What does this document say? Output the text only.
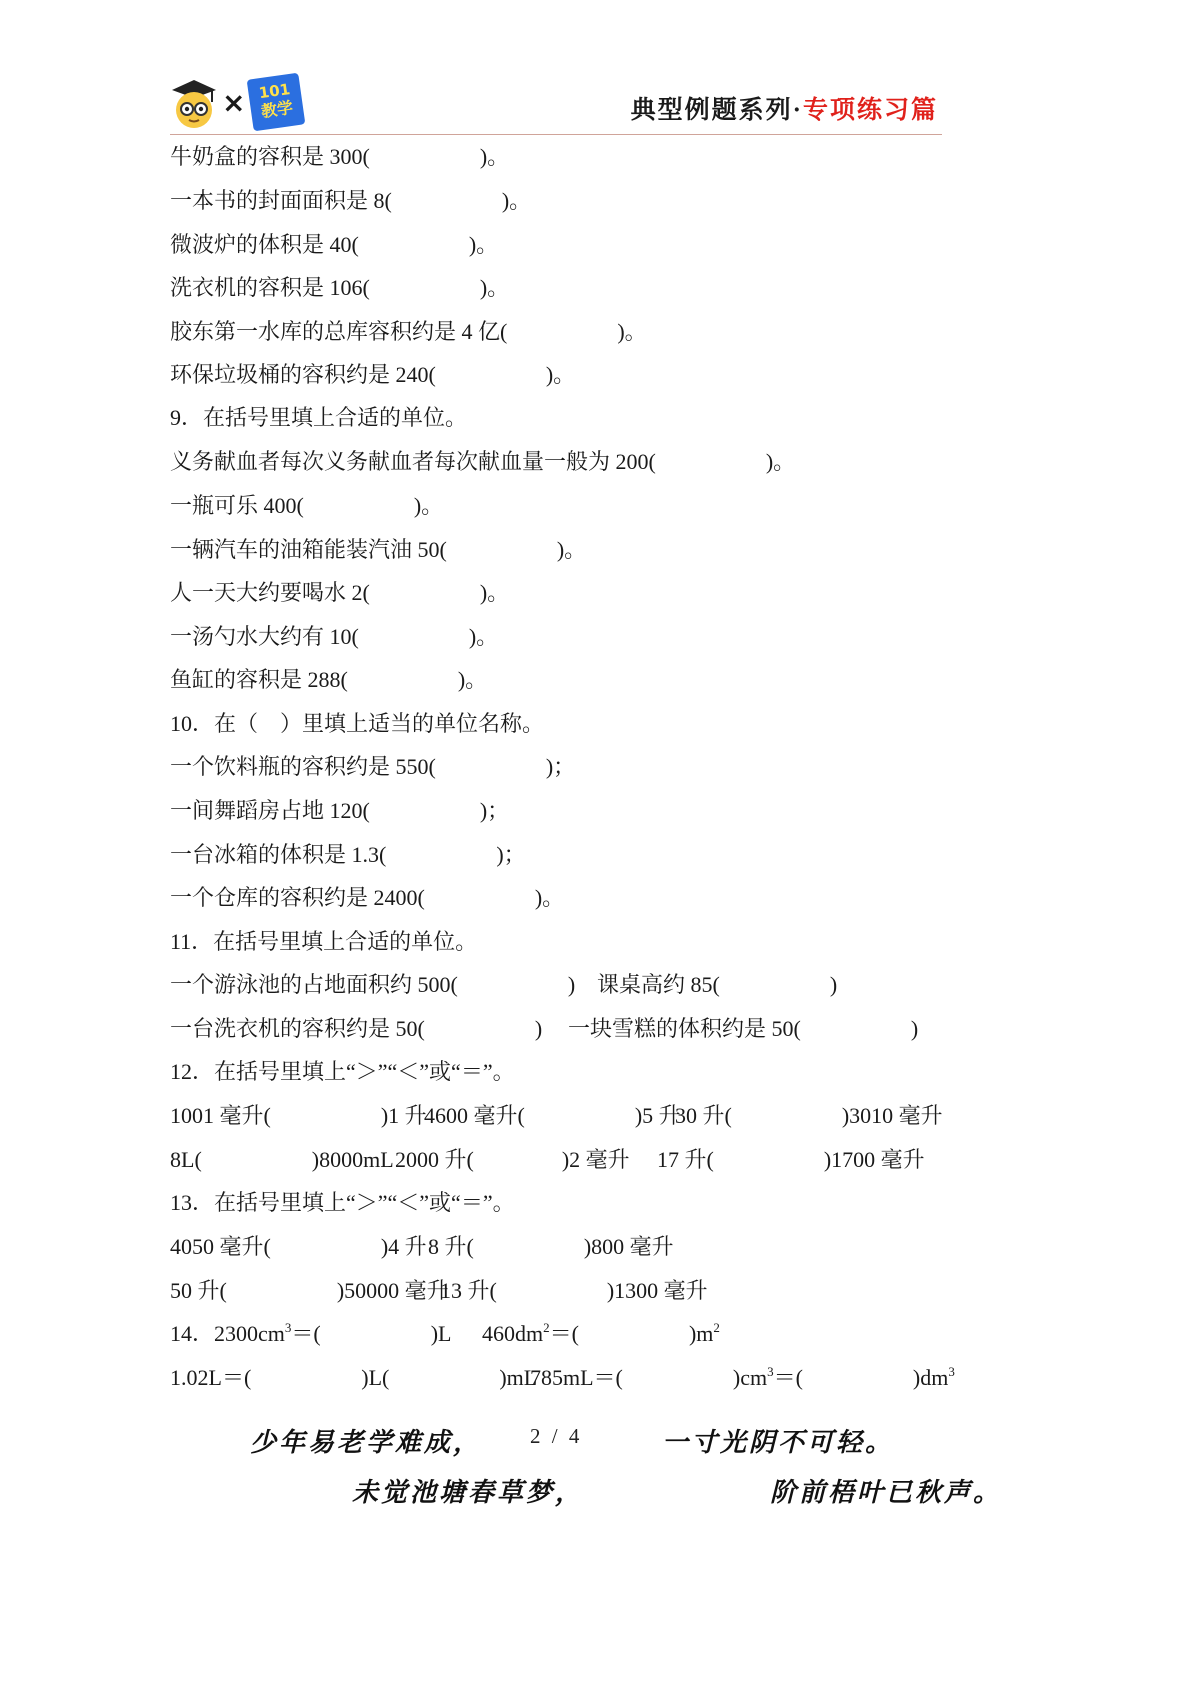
× 101
教学	典型例题系列·专项练习篇
牛奶盒的容积是 300(　　　　　)。
一本书的封面面积是 8(　　　　　)。
微波炉的体积是 40(　　　　　)。
洗衣机的容积是 106(　　　　　)。
胶东第一水库的总库容积约是 4 亿(　　　　　)。
环保垃圾桶的容积约是 240(　　　　　)。
9．在括号里填上合适的单位。
义务献血者每次义务献血者每次献血量一般为 200(　　　　　)。
一瓶可乐 400(　　　　　)。
一辆汽车的油箱能装汽油 50(　　　　　)。
人一天大约要喝水 2(　　　　　)。
一汤勺水大约有 10(　　　　　)。
鱼缸的容积是 288(　　　　　)。
10．在（　）里填上适当的单位名称。
一个饮料瓶的容积约是 550(　　　　　)；
一间舞蹈房占地 120(　　　　　)；
一台冰箱的体积是 1.3(　　　　　)；
一个仓库的容积约是 2400(　　　　　)。
11．在括号里填上合适的单位。

一个游泳池的占地面积约 500(　　　　　)

课桌高约 85(　　　　　)

一台洗衣机的容积约是 50(　　　　　)

一块雪糕的体积约是 50(　　　　　)

12．在括号里填上“＞”“＜”或“＝”。

1001 毫升(　　　　　)1 升

4600 毫升(　　　　　)5 升

30 升(　　　　　)3010 毫升

8L(　　　　　)8000mL

2000 升(　　　　)2 毫升

17 升(　　　　　)1700 毫升

13．在括号里填上“＞”“＜”或“＝”。

4050 毫升(　　　　　)4 升

8 升(　　　　　)800 毫升

50 升(　　　　　)50000 毫升

13 升(　　　　　)1300 毫升

14．$2300cm^3=$(　　　　　)L

$460dm^2=$(　　　　　)$m^2$

1.02L＝(　　　　　)L(　　　　　)mL

785mL＝(　　　　　)$cm^3=$(　　　　　)$dm^3$

少年易老学难成， 2 / 4	一寸光阴不可轻。
未觉池塘春草梦，	阶前梧叶已秋声。
